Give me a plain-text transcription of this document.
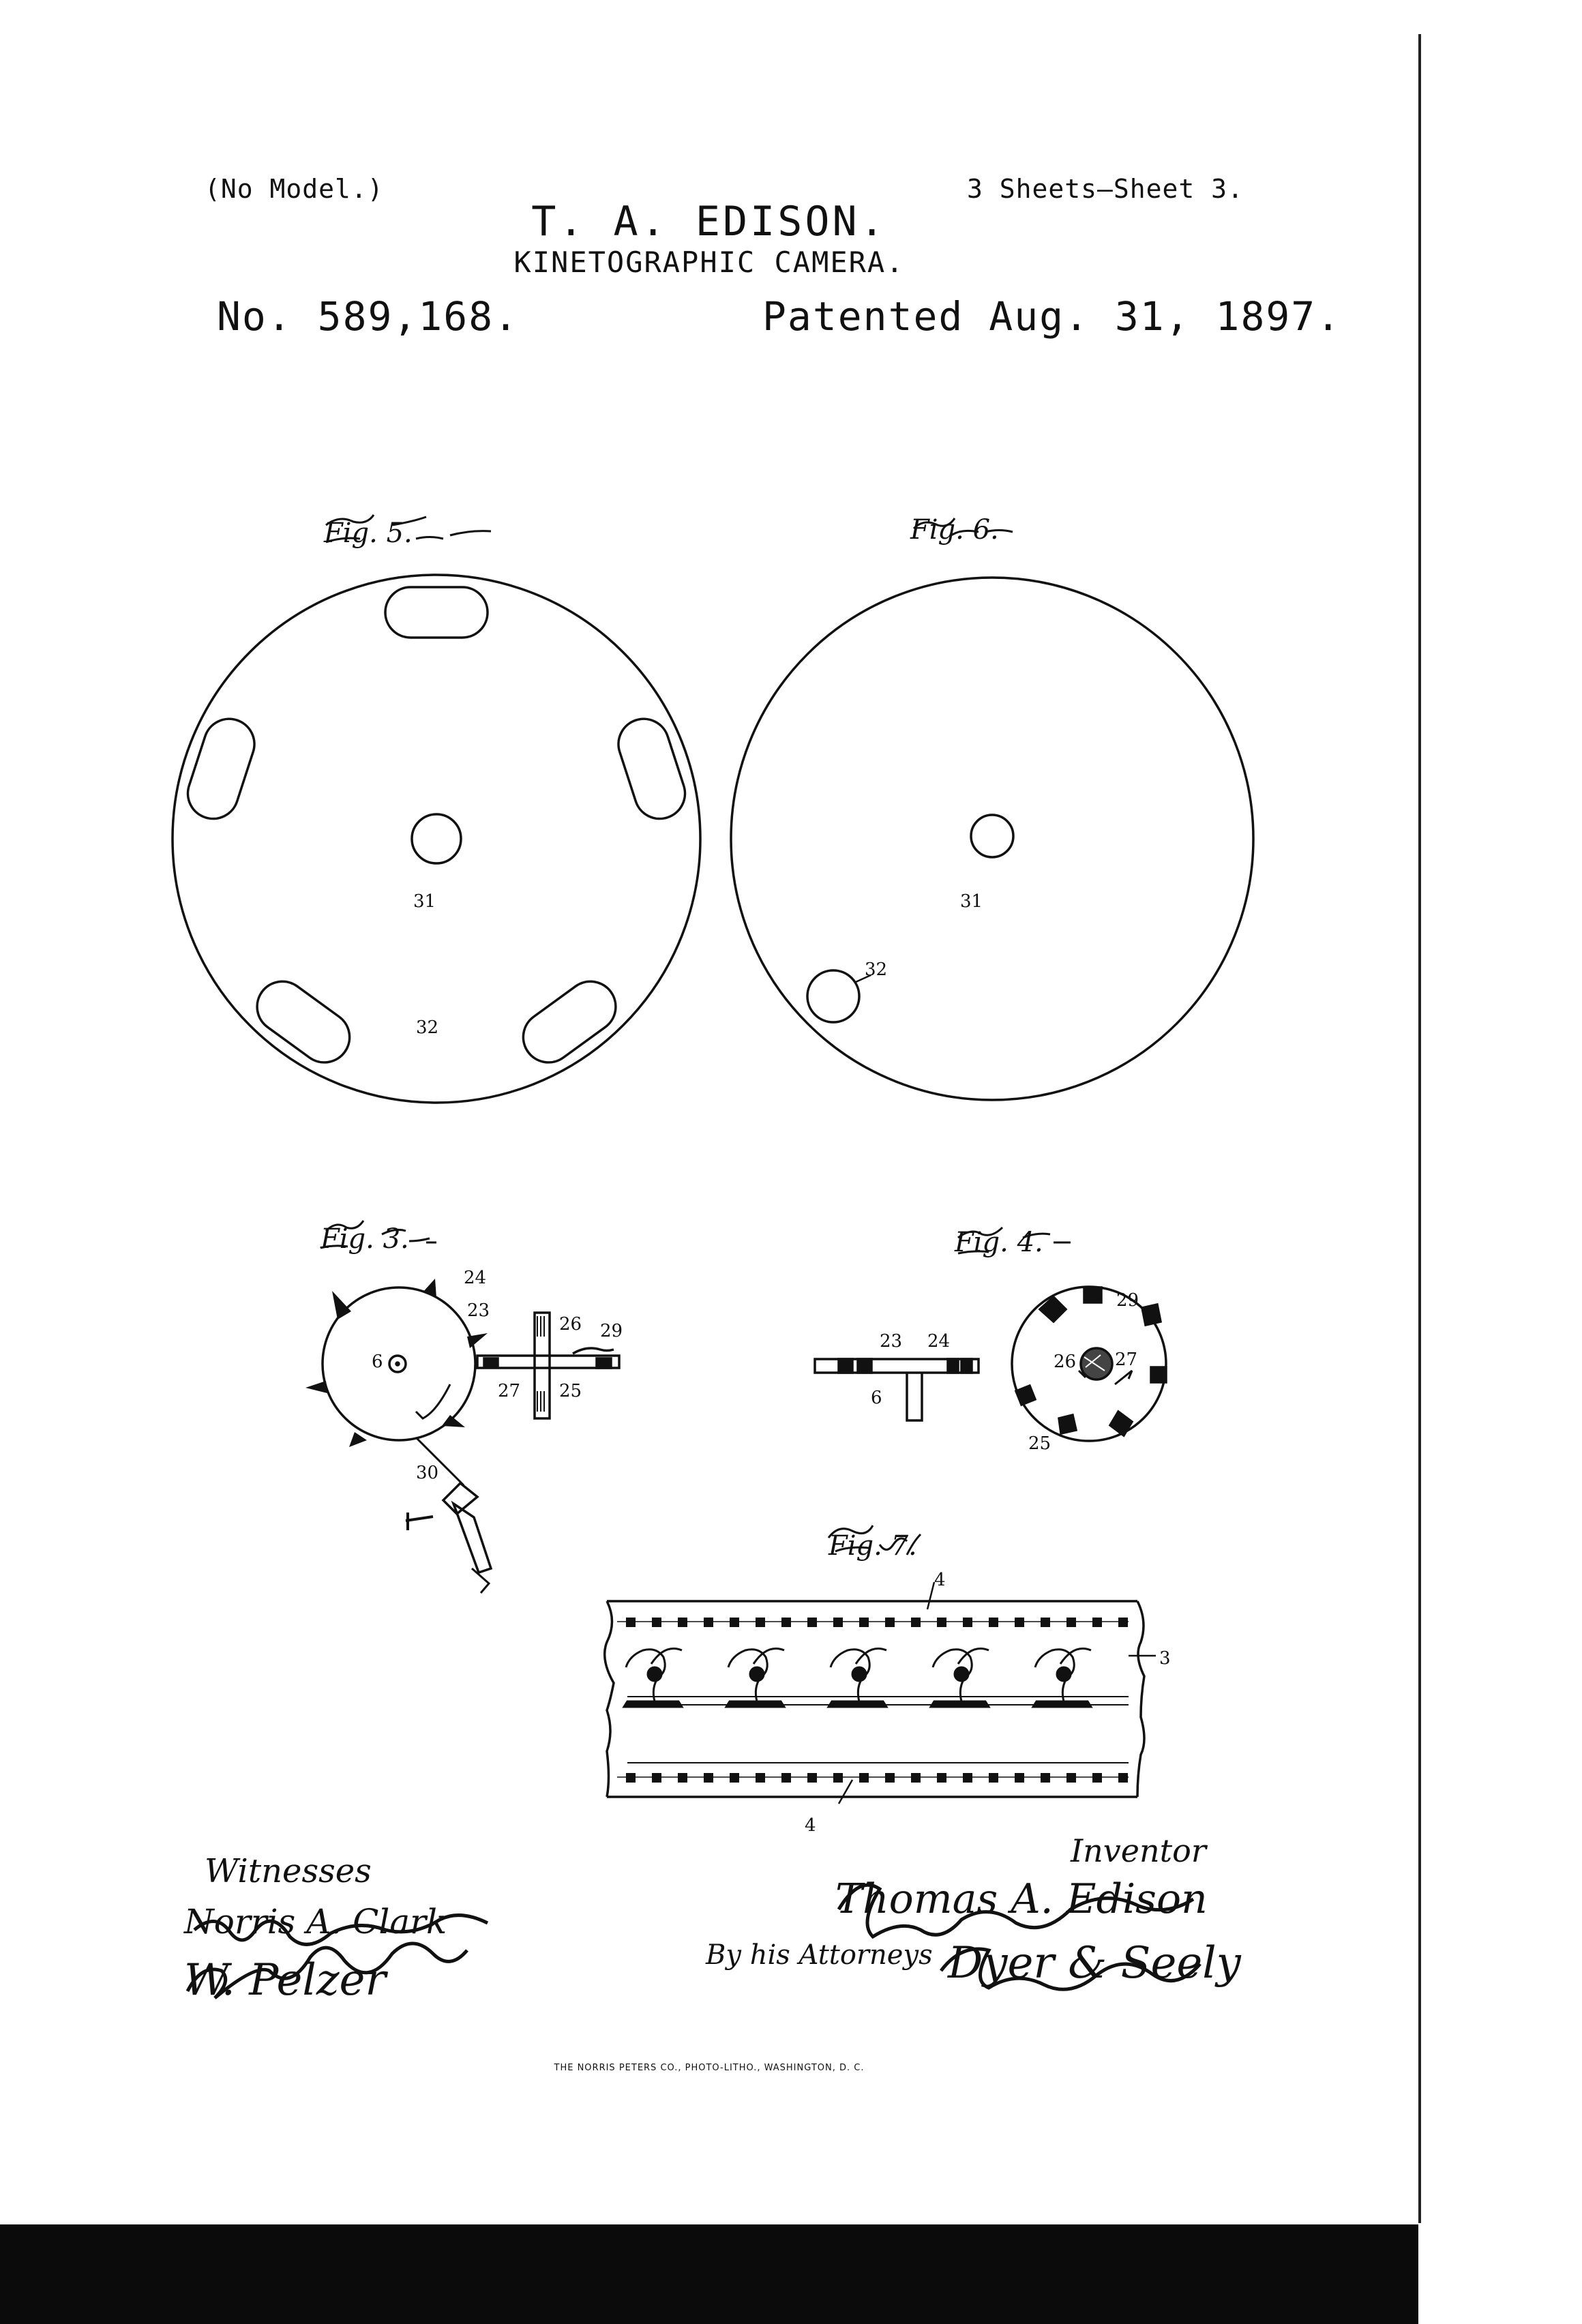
(No Model.)	3 Sheets—Sheet 3.
T. A. EDISON.
KINETOGRAPHIC CAMERA.
No. 589,168.	Patented Aug. 31, 1897.
31
32
31
32
24
23
26 29
6
27 25
30
29
23 24
26 27
6
25
4
3
4
Fig. 5.	Fig. 6.
Fig. 3.	Fig. 4.
Fig. 7.
Witnesses
Norris A. Clark
W. Pelzer
Inventor
Thomas A. Edison
By his Attorneys Dyer & Seely
THE NORRIS PETERS CO., PHOTO-LITHO., WASHINGTON, D. C.
